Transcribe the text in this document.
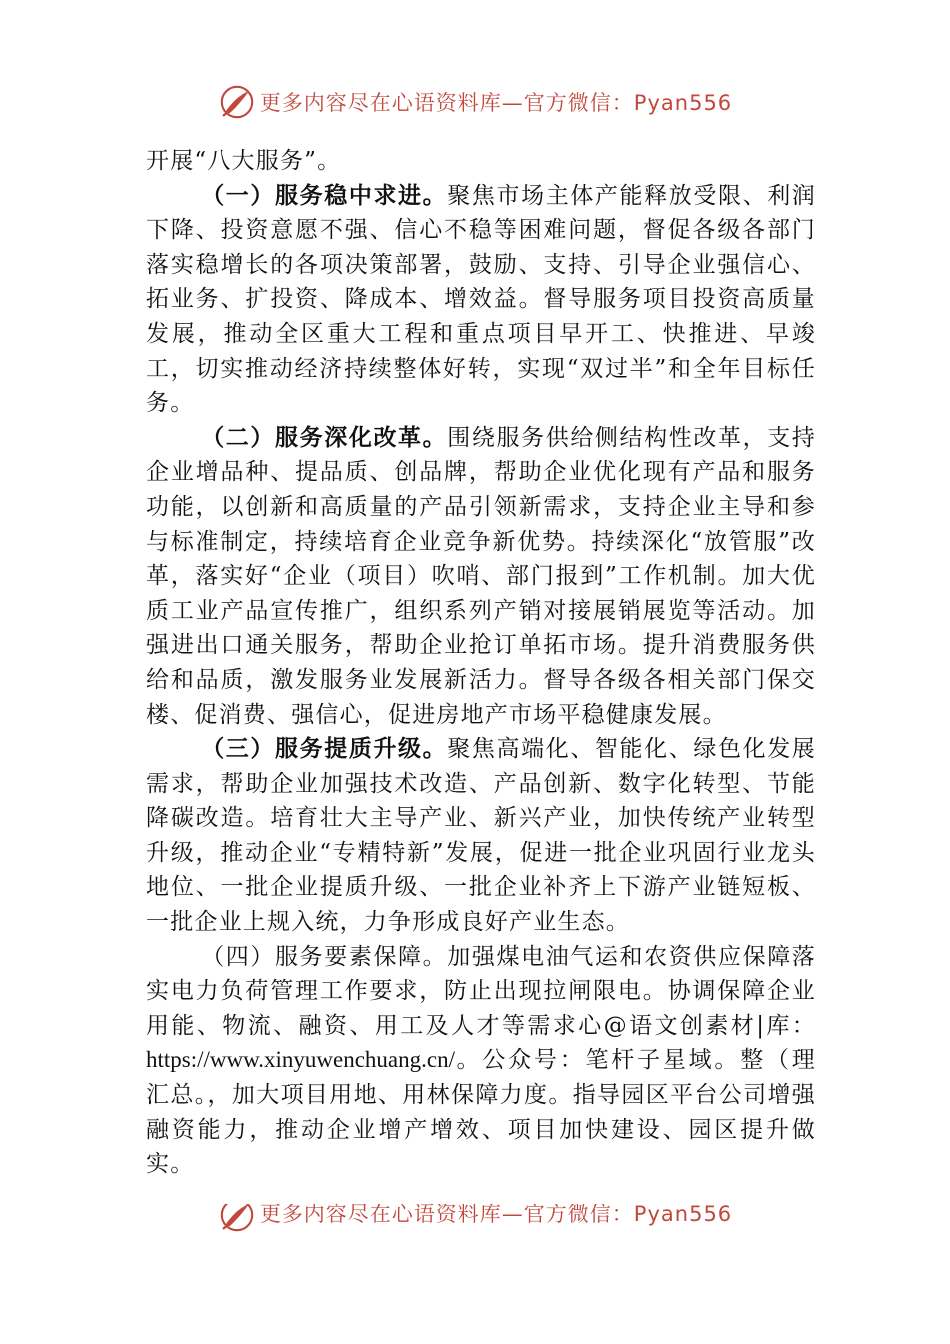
更多内容尽在心语资料库—官方微信：Pyan556

开展“八大服务”。

（一）服务稳中求进。聚焦市场主体产能释放受限、利润下降、投资意愿不强、信心不稳等困难问题，督促各级各部门落实稳增长的各项决策部署，鼓励、支持、引导企业强信心、拓业务、扩投资、降成本、增效益。督导服务项目投资高质量发展，推动全区重大工程和重点项目早开工、快推进、早竣工，切实推动经济持续整体好转，实现“双过半”和全年目标任务。

（二）服务深化改革。围绕服务供给侧结构性改革，支持企业增品种、提品质、创品牌，帮助企业优化现有产品和服务功能，以创新和高质量的产品引领新需求，支持企业主导和参与标准制定，持续培育企业竞争新优势。持续深化“放管服”改革，落实好“企业（项目）吹哨、部门报到”工作机制。加大优质工业产品宣传推广，组织系列产销对接展销展览等活动。加强进出口通关服务，帮助企业抢订单拓市场。提升消费服务供给和品质，激发服务业发展新活力。督导各级各相关部门保交楼、促消费、强信心，促进房地产市场平稳健康发展。

（三）服务提质升级。聚焦高端化、智能化、绿色化发展需求，帮助企业加强技术改造、产品创新、数字化转型、节能降碳改造。培育壮大主导产业、新兴产业，加快传统产业转型升级，推动企业“专精特新”发展，促进一批企业巩固行业龙头地位、一批企业提质升级、一批企业补齐上下游产业链短板、一批企业上规入统，力争形成良好产业生态。

（四）服务要素保障。加强煤电油气运和农资供应保障落实电力负荷管理工作要求，防止出现拉闸限电。协调保障企业用能、物流、融资、用工及人才等需求心@语文创素材|库：https://www.xinyuwenchuang.cn/。公众号：笔杆子星域。整（理汇总。，加大项目用地、用林保障力度。指导园区平台公司增强融资能力，推动企业增产增效、项目加快建设、园区提升做实。

更多内容尽在心语资料库—官方微信：Pyan556
